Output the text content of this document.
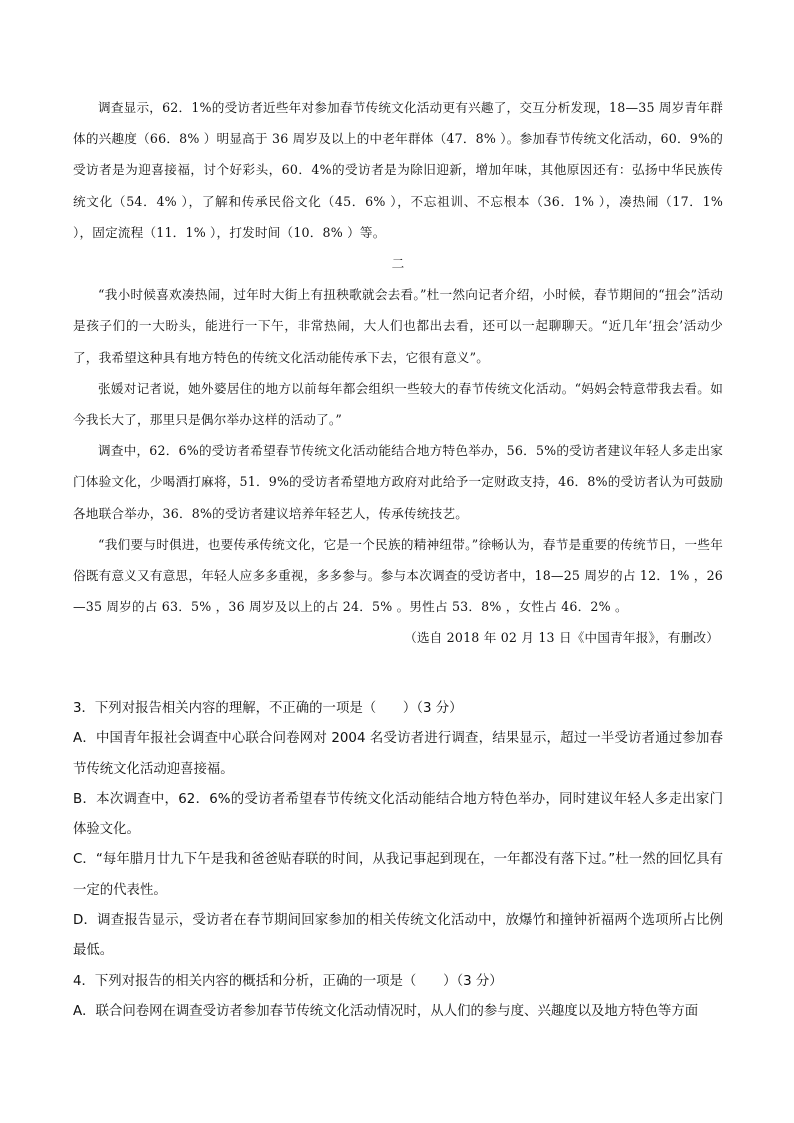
调查显示，62．1%的受访者近些年对参加春节传统文化活动更有兴趣了，交互分析发现，18—35 周岁青年群体的兴趣度（66．8% ）明显高于 36 周岁及以上的中老年群体（47．8% ）。参加春节传统文化活动，60．9%的受访者是为迎喜接福，讨个好彩头，60．4%的受访者是为除旧迎新，增加年味，其他原因还有：弘扬中华民族传统文化（54．4% ），了解和传承民俗文化（45．6% ），不忘祖训、不忘根本（36．1% ），凑热闹（17．1% ），固定流程（11．1% ），打发时间（10．8% ）等。

二

“我小时候喜欢凑热闹，过年时大街上有扭秧歌就会去看。”杜一然向记者介绍，小时候，春节期间的“扭会”活动是孩子们的一大盼头，能进行一下午，非常热闹，大人们也都出去看，还可以一起聊聊天。“近几年‘扭会’活动少了，我希望这种具有地方特色的传统文化活动能传承下去，它很有意义”。

张媛对记者说，她外婆居住的地方以前每年都会组织一些较大的春节传统文化活动。“妈妈会特意带我去看。如今我长大了，那里只是偶尔举办这样的活动了。”

调查中，62．6%的受访者希望春节传统文化活动能结合地方特色举办，56．5%的受访者建议年轻人多走出家门体验文化，少喝酒打麻将，51．9%的受访者希望地方政府对此给予一定财政支持，46．8%的受访者认为可鼓励各地联合举办，36．8%的受访者建议培养年轻艺人，传承传统技艺。

“我们要与时俱进，也要传承传统文化，它是一个民族的精神纽带。”徐畅认为，春节是重要的传统节日，一些年俗既有意义又有意思，年轻人应多多重视，多多参与。参与本次调查的受访者中，18—25 周岁的占 12．1% ，26—35 周岁的占 63．5% ，36 周岁及以上的占 24．5% 。男性占 53．8% ，女性占 46．2% 。

（选自 2018 年 02 月 13 日《中国青年报》，有删改）

3．下列对报告相关内容的理解，不正确的一项是（　　）（3 分）

A．中国青年报社会调查中心联合问卷网对 2004 名受访者进行调查，结果显示，超过一半受访者通过参加春节传统文化活动迎喜接福。

B．本次调查中，62．6%的受访者希望春节传统文化活动能结合地方特色举办，同时建议年轻人多走出家门体验文化。

C．“每年腊月廿九下午是我和爸爸贴春联的时间，从我记事起到现在，一年都没有落下过。”杜一然的回忆具有一定的代表性。

D．调查报告显示，受访者在春节期间回家参加的相关传统文化活动中，放爆竹和撞钟祈福两个选项所占比例最低。

4．下列对报告的相关内容的概括和分析，正确的一项是（　　）（3 分）

A．联合问卷网在调查受访者参加春节传统文化活动情况时，从人们的参与度、兴趣度以及地方特色等方面
